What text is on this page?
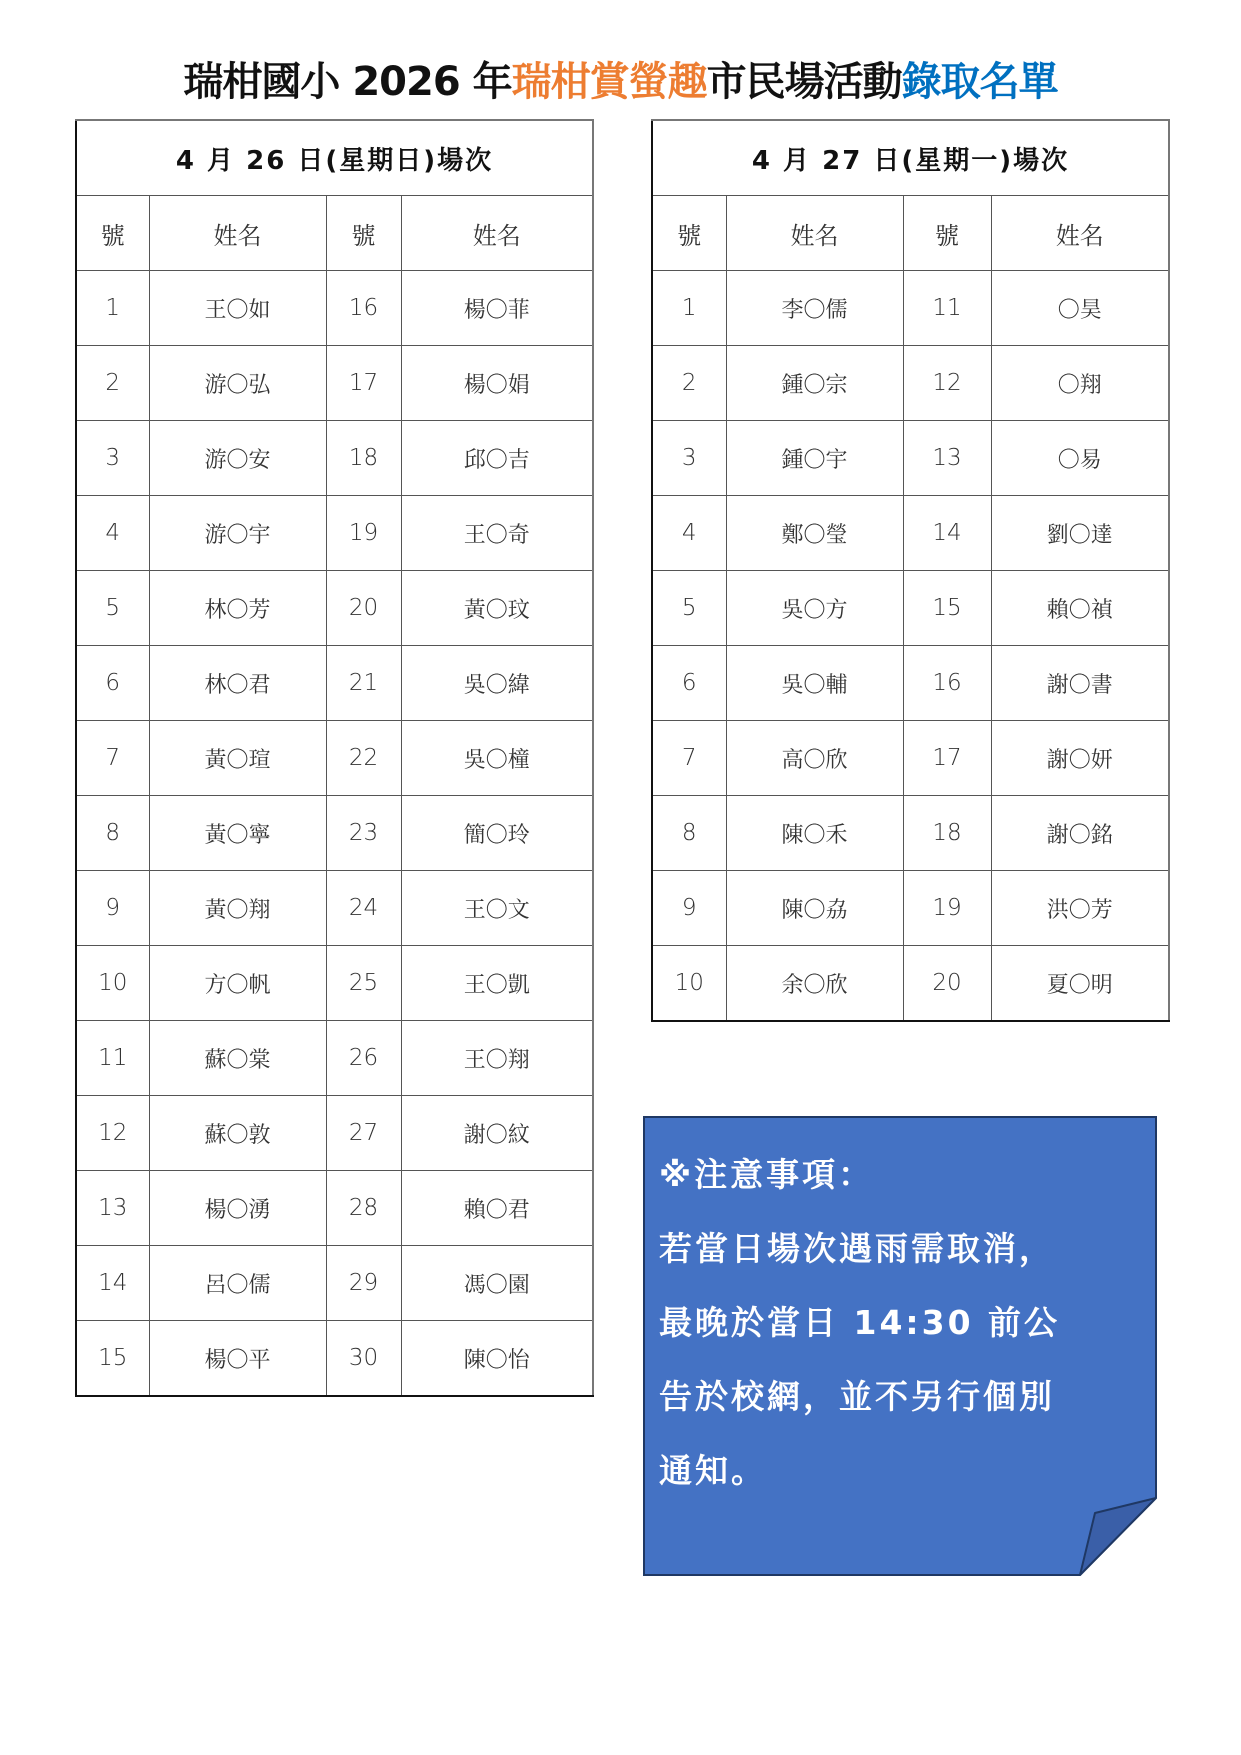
瑞柑國小 2026 年瑞柑賞螢趣市民場活動錄取名單
4 月 26 日(星期日)場次			
號	姓名	號	姓名
1	王〇如	16	楊〇菲
2	游〇弘	17	楊〇娟
3	游〇安	18	邱〇吉
4	游〇宇	19	王〇奇
5	林〇芳	20	黃〇玟
6	林〇君	21	吳〇緯
7	黃〇瑄	22	吳〇橦
8	黃〇寧	23	簡〇玲
9	黃〇翔	24	王〇文
10	方〇帆	25	王〇凱
11	蘇〇棠	26	王〇翔
12	蘇〇敦	27	謝〇紋
13	楊〇湧	28	賴〇君
14	呂〇儒	29	馮〇園
15	楊〇平	30	陳〇怡
4 月 27 日(星期一)場次			
號	姓名	號	姓名
1	李〇儒	11	〇昊
2	鍾〇宗	12	〇翔
3	鍾〇宇	13	〇易
4	鄭〇瑩	14	劉〇達
5	吳〇方	15	賴〇禎
6	吳〇輔	16	謝〇書
7	高〇欣	17	謝〇妍
8	陳〇禾	18	謝〇銘
9	陳〇劦	19	洪〇芳
10	余〇欣	20	夏〇明
※注意事項：
若當日場次遇雨需取消，
最晚於當日 14:30 前公
告於校網，並不另行個別
通知。
